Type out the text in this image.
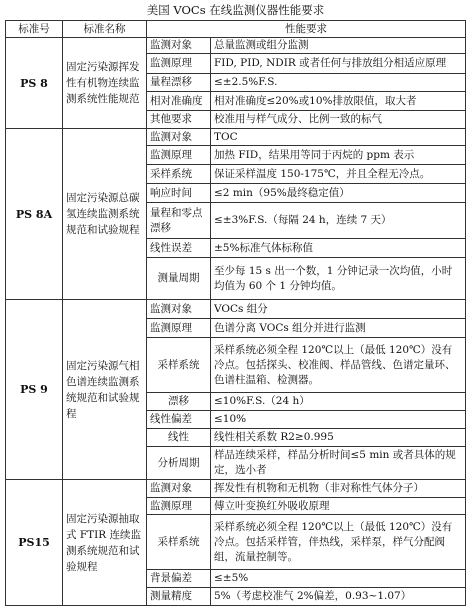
美国 VOCs 在线监测仪器性能要求
标准号	标准名称	性能要求	
PS 8	固定污染源挥发性有机物连续监测系统性能规范	监测对象	总量监测或组分监测
		监测原理	FID, PID, NDIR 或者任何与排放组分相适应原理
		量程漂移	≤±2.5%F.S.
		相对准确度	相对准确度≤20%或10%排放限值，取大者
		其他要求	校准用与样气成分、比例一致的标气
PS 8A	固定污染源总碳氢连续监测系统规范和试验规程	监测对象	TOC
		监测原理	加热 FID，结果用等同于丙烷的 ppm 表示
		采样系统	保证采样温度 150-175℃，并且全程无冷点。
		响应时间	≤2 min（95%最终稳定值）
		量程和零点漂移	≤±3%F.S.（每隔 24 h，连续 7 天）
		线性误差	±5%标准气体标称值
		测量周期	至少每 15 s 出一个数，1 分钟记录一次均值，小时均值为 60 个 1 分钟均值。
PS 9	固定污染源气相色谱连续监测系统规范和试验规程	监测对象	VOCs 组分
		监测原理	色谱分离 VOCs 组分并进行监测
		采样系统	采样系统必须全程 120℃以上（最低 120℃）没有冷点。包括探头、校准阀、样品管线、色谱定量环、色谱柱温箱、检测器。
		漂移	≤10%F.S.（24 h）
		线性偏差	≤10%
		线性	线性相关系数 R2≥0.995
		分析周期	样品连续采样，样品分析时间≤5 min 或者具体的规定，选小者
PS15	固定污染源抽取式 FTIR 连续监测系统规范和试验规程	监测对象	挥发性有机物和无机物（非对称性气体分子）
		监测原理	傅立叶变换红外吸收原理
		采样系统	采样系统必须全程 120℃以上（最低 120℃）没有冷点。包括采样管，伴热线，采样泵，样气分配阀组，流量控制等。
		背景偏差	≤±5%
		测量精度	5%（考虑校准气 2%偏差，0.93~1.07）
